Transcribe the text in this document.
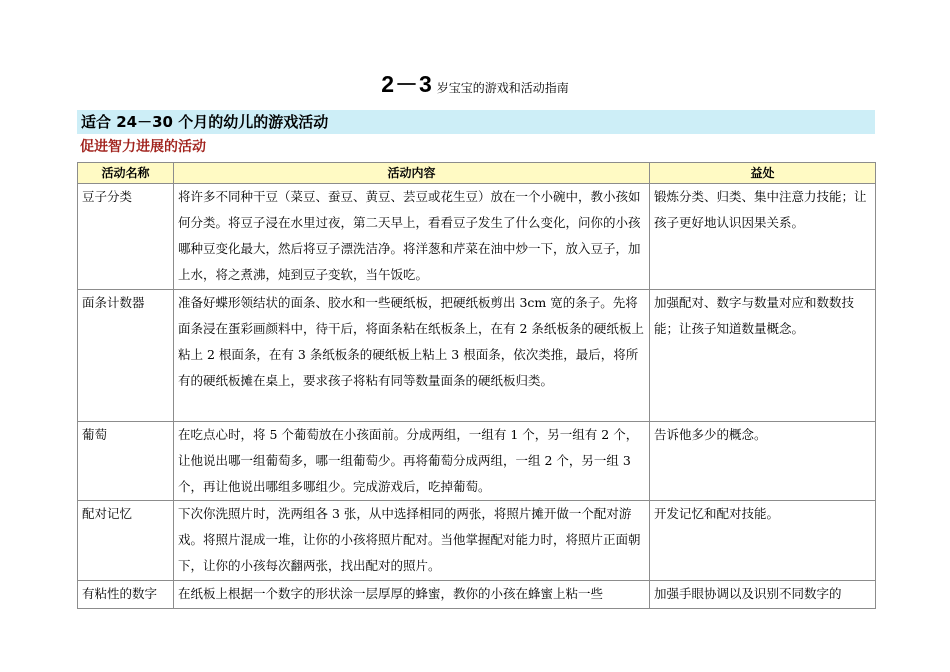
2－3 岁宝宝的游戏和活动指南
适合 24－30 个月的幼儿的游戏活动
促进智力进展的活动
活动名称	活动内容	益处
豆子分类	将许多不同种干豆（菜豆、蚕豆、黄豆、芸豆或花生豆）放在一个小碗中，教小孩如何分类。将豆子浸在水里过夜，第二天早上，看看豆子发生了什么变化，问你的小孩哪种豆变化最大，然后将豆子漂洗洁净。将洋葱和芹菜在油中炒一下，放入豆子，加上水，将之煮沸，炖到豆子变软，当午饭吃。	锻炼分类、归类、集中注意力技能；让孩子更好地认识因果关系。
面条计数器	准备好蝶形领结状的面条、胶水和一些硬纸板，把硬纸板剪出 3cm 宽的条子。先将面条浸在蛋彩画颜料中，待干后，将面条粘在纸板条上，在有 2 条纸板条的硬纸板上粘上 2 根面条，在有 3 条纸板条的硬纸板上粘上 3 根面条，依次类推，最后，将所有的硬纸板摊在桌上，要求孩子将粘有同等数量面条的硬纸板归类。	加强配对、数字与数量对应和数数技能；让孩子知道数量概念。
葡萄	在吃点心时，将 5 个葡萄放在小孩面前。分成两组，一组有 1 个，另一组有 2 个，让他说出哪一组葡萄多，哪一组葡萄少。再将葡萄分成两组，一组 2 个，另一组 3 个，再让他说出哪组多哪组少。完成游戏后，吃掉葡萄。	告诉他多少的概念。
配对记忆	下次你洗照片时，洗两组各 3 张，从中选择相同的两张，将照片摊开做一个配对游戏。将照片混成一堆，让你的小孩将照片配对。当他掌握配对能力时，将照片正面朝下，让你的小孩每次翻两张，找出配对的照片。	开发记忆和配对技能。
有粘性的数字	在纸板上根据一个数字的形状涂一层厚厚的蜂蜜，教你的小孩在蜂蜜上粘一些	加强手眼协调以及识别不同数字的
